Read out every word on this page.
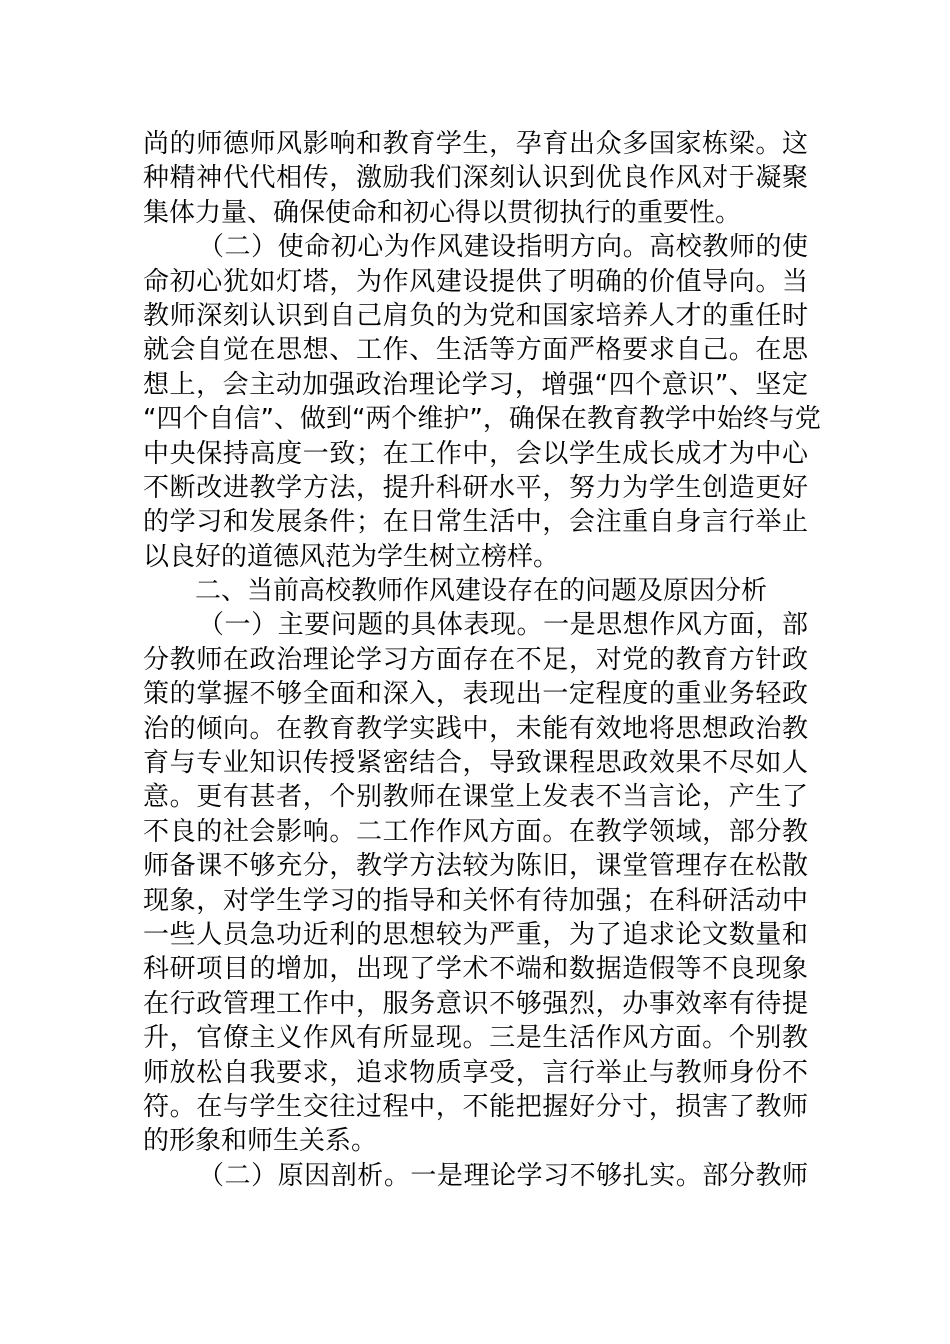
尚的师德师风影响和教育学生，孕育出众多国家栋梁。这
种精神代代相传，激励我们深刻认识到优良作风对于凝聚
集体力量、确保使命和初心得以贯彻执行的重要性。
（二）使命初心为作风建设指明方向。高校教师的使
命初心犹如灯塔，为作风建设提供了明确的价值导向。当
教师深刻认识到自己肩负的为党和国家培养人才的重任时
就会自觉在思想、工作、生活等方面严格要求自己。在思
想上，会主动加强政治理论学习，增强“四个意识”、坚定
“四个自信”、做到“两个维护”，确保在教育教学中始终与党
中央保持高度一致；在工作中，会以学生成长成才为中心
不断改进教学方法，提升科研水平，努力为学生创造更好
的学习和发展条件；在日常生活中，会注重自身言行举止
以良好的道德风范为学生树立榜样。
二、当前高校教师作风建设存在的问题及原因分析
（一）主要问题的具体表现。一是思想作风方面，部
分教师在政治理论学习方面存在不足，对党的教育方针政
策的掌握不够全面和深入，表现出一定程度的重业务轻政
治的倾向。在教育教学实践中，未能有效地将思想政治教
育与专业知识传授紧密结合，导致课程思政效果不尽如人
意。更有甚者，个别教师在课堂上发表不当言论，产生了
不良的社会影响。二工作作风方面。在教学领域，部分教
师备课不够充分，教学方法较为陈旧，课堂管理存在松散
现象，对学生学习的指导和关怀有待加强；在科研活动中
一些人员急功近利的思想较为严重，为了追求论文数量和
科研项目的增加，出现了学术不端和数据造假等不良现象
在行政管理工作中，服务意识不够强烈，办事效率有待提
升，官僚主义作风有所显现。三是生活作风方面。个别教
师放松自我要求，追求物质享受，言行举止与教师身份不
符。在与学生交往过程中，不能把握好分寸，损害了教师
的形象和师生关系。
（二）原因剖析。一是理论学习不够扎实。部分教师
